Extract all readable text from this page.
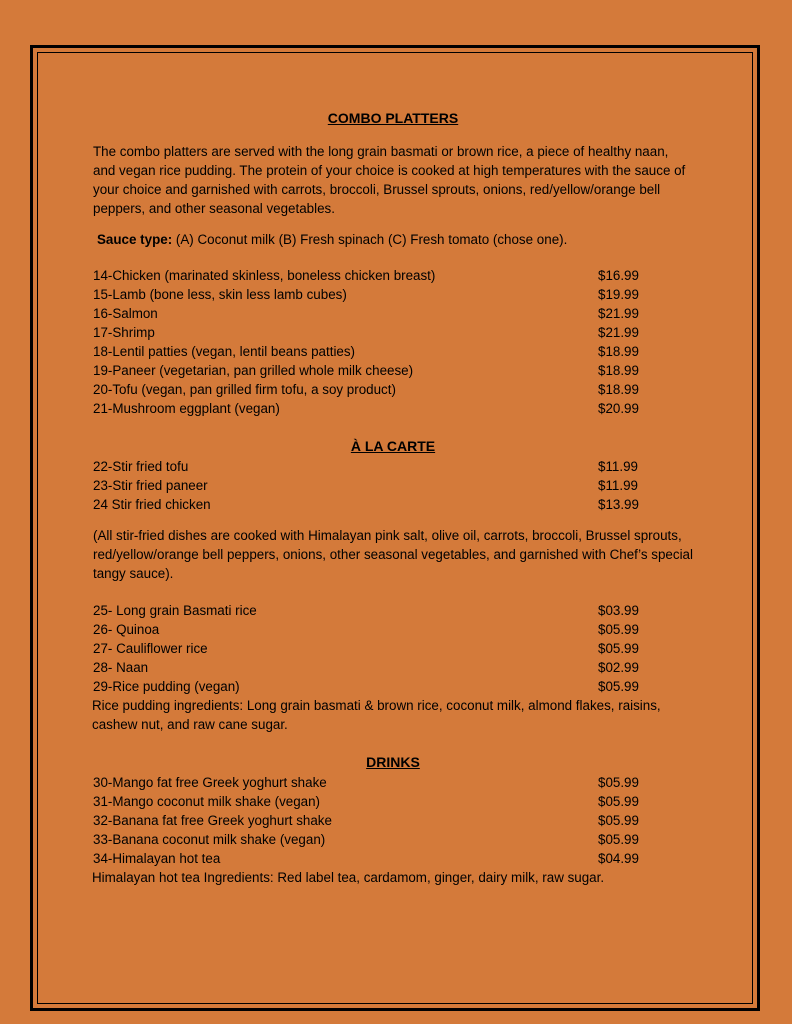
COMBO PLATTERS
The combo platters are served with the long grain basmati or brown rice, a piece of healthy naan, and vegan rice pudding. The protein of your choice is cooked at high temperatures with the sauce of your choice and garnished with carrots, broccoli, Brussel sprouts, onions, red/yellow/orange bell peppers, and other seasonal vegetables.
Sauce type: (A) Coconut milk (B) Fresh spinach (C) Fresh tomato (chose one).
14-Chicken (marinated skinless, boneless chicken breast)	$16.99
15-Lamb (bone less, skin less lamb cubes)	$19.99
16-Salmon	$21.99
17-Shrimp	$21.99
18-Lentil patties (vegan, lentil beans patties)	$18.99
19-Paneer (vegetarian, pan grilled whole milk cheese)	$18.99
20-Tofu (vegan, pan grilled firm tofu, a soy product)	$18.99
21-Mushroom eggplant (vegan)	$20.99
À LA CARTE
22-Stir fried tofu	$11.99
23-Stir fried paneer	$11.99
24 Stir fried chicken	$13.99
(All stir-fried dishes are cooked with Himalayan pink salt, olive oil, carrots, broccoli, Brussel sprouts, red/yellow/orange bell peppers, onions, other seasonal vegetables, and garnished with Chef’s special tangy sauce).
25- Long grain Basmati rice	$03.99
26- Quinoa	$05.99
27- Cauliflower rice	$05.99
28- Naan	$02.99
29-Rice pudding (vegan)	$05.99
Rice pudding ingredients: Long grain basmati & brown rice, coconut milk, almond flakes, raisins, cashew nut, and raw cane sugar.
DRINKS
30-Mango fat free Greek yoghurt shake	$05.99
31-Mango coconut milk shake (vegan)	$05.99
32-Banana fat free Greek yoghurt shake	$05.99
33-Banana coconut milk shake (vegan)	$05.99
34-Himalayan hot tea	$04.99
Himalayan hot tea Ingredients: Red label tea, cardamom, ginger, dairy milk, raw sugar.
